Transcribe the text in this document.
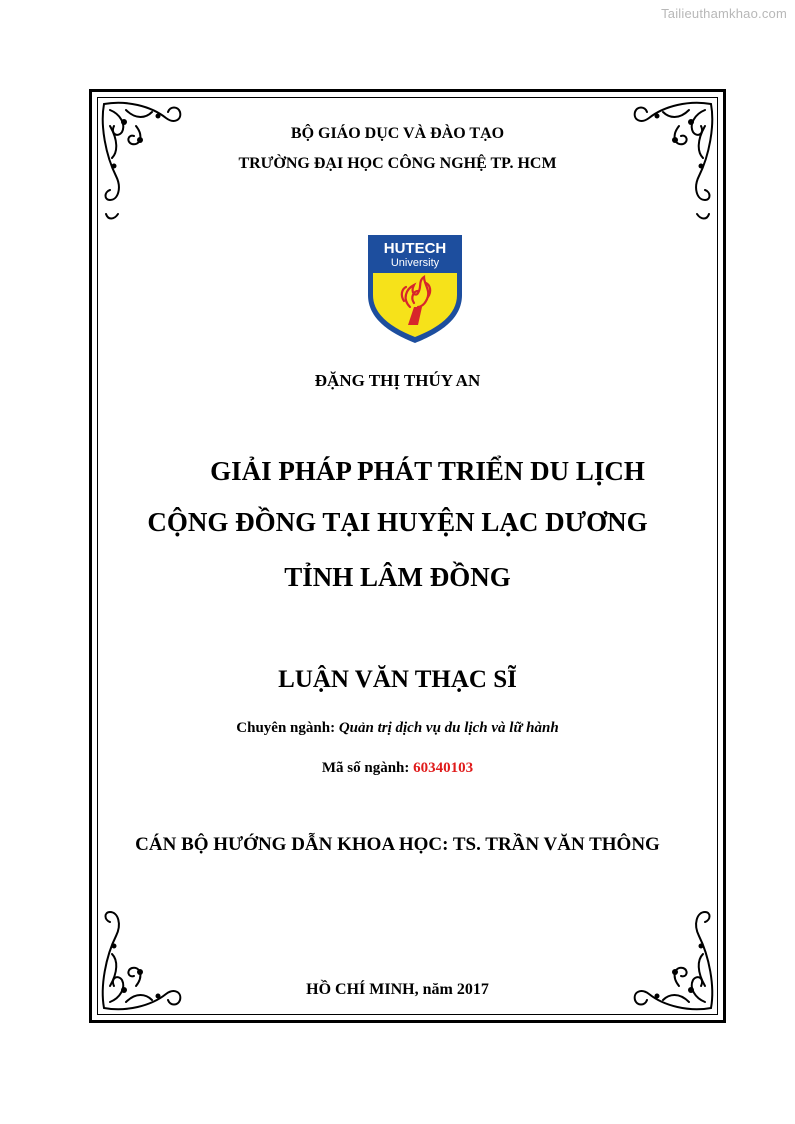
Tailieuthamkhao.com
BỘ GIÁO DỤC VÀ ĐÀO TẠO
TRƯỜNG ĐẠI HỌC CÔNG NGHỆ TP. HCM
HUTECH
University
ĐẶNG THỊ THÚY AN
GIẢI PHÁP PHÁT TRIỂN DU LỊCH
CỘNG ĐỒNG TẠI HUYỆN LẠC DƯƠNG
TỈNH LÂM ĐỒNG
LUẬN VĂN THẠC SĨ
Chuyên ngành: Quản trị dịch vụ du lịch và lữ hành
Mã số ngành: 60340103
CÁN BỘ HƯỚNG DẪN KHOA HỌC: TS. TRẦN VĂN THÔNG
HỒ CHÍ MINH, năm 2017
